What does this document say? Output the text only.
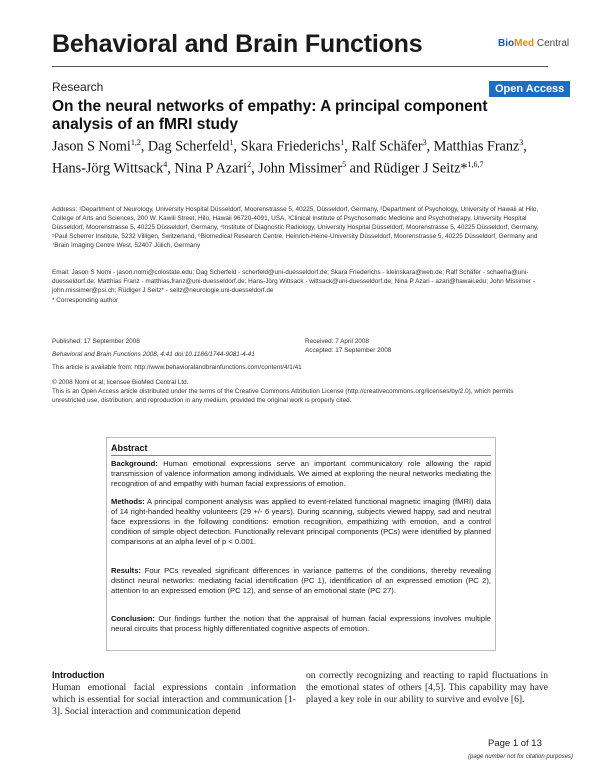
Behavioral and Brain Functions	BioMed Central
Research	Open Access
On the neural networks of empathy: A principal component analysis of an fMRI study
Jason S Nomi$^{1,2}$, Dag Scherfeld$^1$, Skara Friederichs$^1$, Ralf Schäfer$^3$, Matthias Franz$^3$, Hans-Jörg Wittsack$^4$, Nina P Azari$^2$, John Missimer$^5$ and Rüdiger J Seitz*$^{1,6,7}$
Address: ¹Department of Neurology, University Hospital Düsseldorf, Moorenstrasse 5, 40225, Düsseldorf, Germany, ²Department of Psychology, University of Hawaii at Hilo, College of Arts and Sciences, 200 W. Kawili Street, Hilo, Hawaii 96720-4091, USA, ³Clinical Institute of Psychosomatic Medicine and Psychotherapy, University Hospital Düsseldorf, Moorenstrasse 5, 40225 Düsseldorf, Germany, ⁴Institute of Diagnostic Radiology, University Hospital Düsseldorf, Moorenstrasse 5, 40225 Düsseldorf, Germany, ⁵Paul Scherrer Institute, 5232 Villigen, Switzerland, ⁶Biomedical Research Centre, Heinrich-Heine-University Düsseldorf, Moorenstrasse 5, 40225 Düsseldorf, Germany and ⁷Brain Imaging Centre West, 52407 Jülich, Germany
Email: Jason S Nomi - jason.nomi@colostate.edu; Dag Scherfeld - scherfeld@uni-duesseldorf.de; Skara Friederichs - kleinskara@web.de; Ralf Schäfer - schaefra@uni-duesseldorf.de; Matthias Franz - matthias.franz@uni-duesseldorf.de; Hans-Jörg Wittsack - wittsack@uni-duesseldorf.de; Nina P Azari - azari@hawaii.edu; John Missimer - john.missimer@psi.ch; Rüdiger J Seitz* - seitz@neurologie.uni-duesseldorf.de
* Corresponding author
Published: 17 September 2008
Behavioral and Brain Functions 2008, 4:41 doi:10.1186/1744-9081-4-41
Received: 7 April 2008
Accepted: 17 September 2008
This article is available from: http://www.behavioralandbrainfunctions.com/content/4/1/41
© 2008 Nomi et al; licensee BioMed Central Ltd.
This is an Open Access article distributed under the terms of the Creative Commons Attribution License (http://creativecommons.org/licenses/by/2.0), which permits unrestricted use, distribution, and reproduction in any medium, provided the original work is properly cited.
Abstract
Background: Human emotional expressions serve an important communicatory role allowing the rapid transmission of valence information among individuals. We aimed at exploring the neural networks mediating the recognition of and empathy with human facial expressions of emotion.
Methods: A principal component analysis was applied to event-related functional magnetic imaging (fMRI) data of 14 right-handed healthy volunteers (29 +/- 6 years). During scanning, subjects viewed happy, sad and neutral face expressions in the following conditions: emotion recognition, empathizing with emotion, and a control condition of simple object detection. Functionally relevant principal components (PCs) were identified by planned comparisons at an alpha level of p < 0.001.
Results: Four PCs revealed significant differences in variance patterns of the conditions, thereby revealing distinct neural networks: mediating facial identification (PC 1), identification of an expressed emotion (PC 2), attention to an expressed emotion (PC 12), and sense of an emotional state (PC 27).
Conclusion: Our findings further the notion that the appraisal of human facial expressions involves multiple neural circuits that process highly differentiated cognitive aspects of emotion.
Introduction
Human emotional facial expressions contain information which is essential for social interaction and communication [1-3]. Social interaction and communication depend
on correctly recognizing and reacting to rapid fluctuations in the emotional states of others [4,5]. This capability may have played a key role in our ability to survive and evolve [6].
Page 1 of 13
(page number not for citation purposes)
